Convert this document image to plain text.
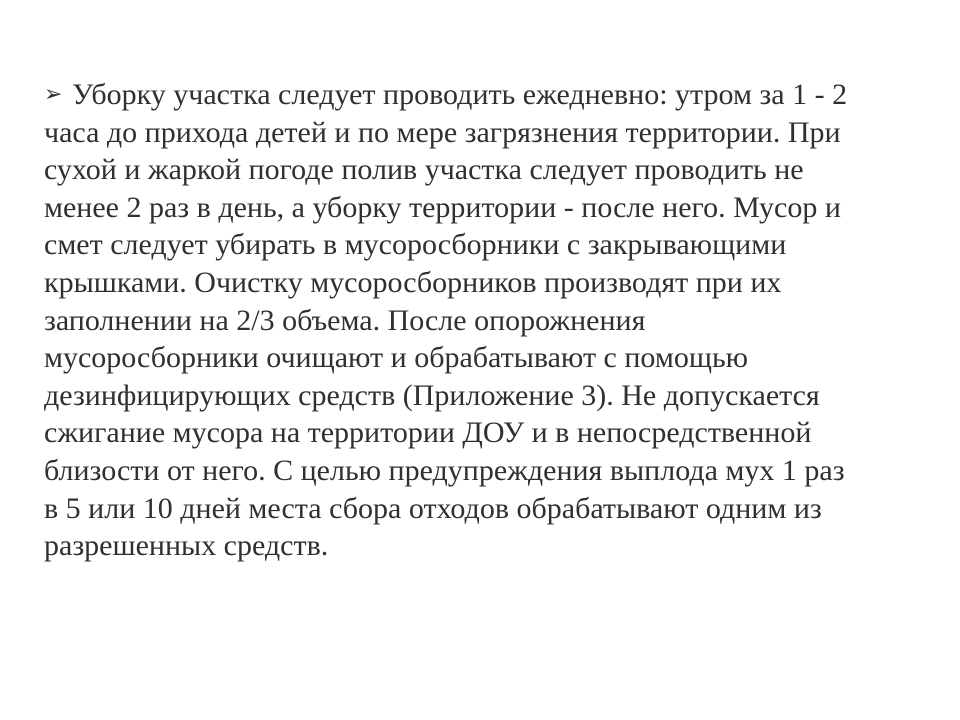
➢ Уборку участка следует проводить ежедневно: утром за 1 - 2
часа до прихода детей и по мере загрязнения территории. При
сухой и жаркой погоде полив участка следует проводить не
менее 2 раз в день, а уборку территории - после него. Мусор и
смет следует убирать в мусоросборники с закрывающими
крышками. Очистку мусоросборников производят при их
заполнении на 2/3 объема. После опорожнения
мусоросборники очищают и обрабатывают с помощью
дезинфицирующих средств (Приложение 3). Не допускается
сжигание мусора на территории ДОУ и в непосредственной
близости от него. С целью предупреждения выплода мух 1 раз
в 5 или 10 дней места сбора отходов обрабатывают одним из
разрешенных средств.
